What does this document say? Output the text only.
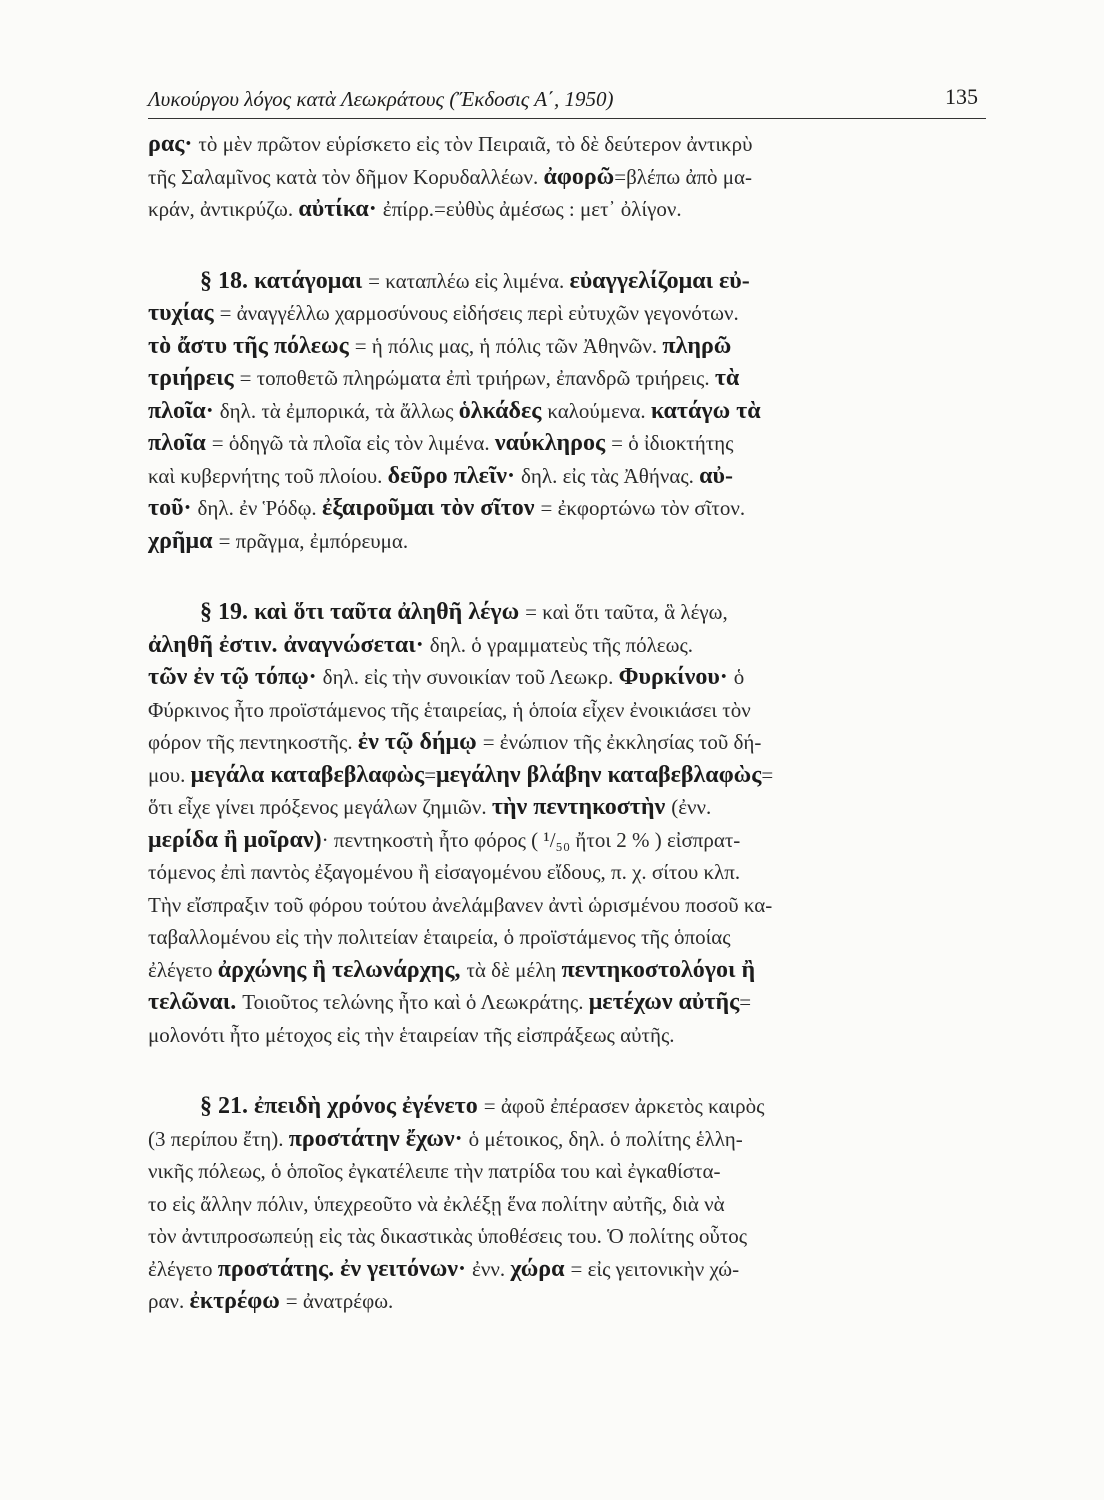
Λυκούργου λόγος κατὰ Λεωκράτους (Ἔκδοσις Α΄, 1950)	135
ρας· τὸ μὲν πρῶτον εὑρίσκετο εἰς τὸν Πειραιᾶ, τὸ δὲ δεύτερον ἀντικρὺ
τῆς Σαλαμῖνος κατὰ τὸν δῆμον Κορυδαλλέων. ἀφορῶ=βλέπω ἀπὸ μα-
κράν, ἀντικρύζω. αὐτίκα· ἐπίρρ.=εὐθὺς ἀμέσως : μετ᾽ ὀλίγον.
§ 18. κατάγομαι = καταπλέω εἰς λιμένα. εὐαγγελίζομαι εὐ-
τυχίας = ἀναγγέλλω χαρμοσύνους εἰδήσεις περὶ εὐτυχῶν γεγονότων.
τὸ ἄστυ τῆς πόλεως = ἡ πόλις μας, ἡ πόλις τῶν Ἀθηνῶν. πληρῶ
τριήρεις = τοποθετῶ πληρώματα ἐπὶ τριήρων, ἐπανδρῶ τριήρεις. τὰ
πλοῖα· δηλ. τὰ ἐμπορικά, τὰ ἄλλως ὁλκάδες καλούμενα. κατάγω τὰ
πλοῖα = ὁδηγῶ τὰ πλοῖα εἰς τὸν λιμένα. ναύκληρος = ὁ ἰδιοκτήτης
καὶ κυβερνήτης τοῦ πλοίου. δεῦρο πλεῖν· δηλ. εἰς τὰς Ἀθήνας. αὐ-
τοῦ· δηλ. ἐν Ῥόδῳ. ἐξαιροῦμαι τὸν σῖτον = ἐκφορτώνω τὸν σῖτον.
χρῆμα = πρᾶγμα, ἐμπόρευμα.
§ 19. καὶ ὅτι ταῦτα ἀληθῆ λέγω = καὶ ὅτι ταῦτα, ἃ λέγω,
ἀληθῆ ἐστιν. ἀναγνώσεται· δηλ. ὁ γραμματεὺς τῆς πόλεως.
τῶν ἐν τῷ τόπῳ· δηλ. εἰς τὴν συνοικίαν τοῦ Λεωκρ. Φυρκίνου· ὁ
Φύρκινος ἦτο προϊστάμενος τῆς ἑταιρείας, ἡ ὁποία εἶχεν ἐνοικιάσει τὸν
φόρον τῆς πεντηκοστῆς. ἐν τῷ δήμῳ = ἐνώπιον τῆς ἐκκλησίας τοῦ δή-
μου. μεγάλα καταβεβλαφὼς=μεγάλην βλάβην καταβεβλαφὼς=
ὅτι εἶχε γίνει πρόξενος μεγάλων ζημιῶν. τὴν πεντηκοστὴν (ἐνν.
μερίδα ἢ μοῖραν)· πεντηκοστὴ ἦτο φόρος ( ¹/₅₀ ἤτοι 2 % ) εἰσπρατ-
τόμενος ἐπὶ παντὸς ἐξαγομένου ἢ εἰσαγομένου εἴδους, π. χ. σίτου κλπ.
Τὴν εἴσπραξιν τοῦ φόρου τούτου ἀνελάμβανεν ἀντὶ ὡρισμένου ποσοῦ κα-
ταβαλλομένου εἰς τὴν πολιτείαν ἑταιρεία, ὁ προϊστάμενος τῆς ὁποίας
ἐλέγετο ἀρχώνης ἢ τελωνάρχης, τὰ δὲ μέλη πεντηκοστολόγοι ἢ
τελῶναι. Τοιοῦτος τελώνης ἦτο καὶ ὁ Λεωκράτης. μετέχων αὐτῆς=
μολονότι ἦτο μέτοχος εἰς τὴν ἑταιρείαν τῆς εἰσπράξεως αὐτῆς.
§ 21. ἐπειδὴ χρόνος ἐγένετο = ἀφοῦ ἐπέρασεν ἀρκετὸς καιρὸς
(3 περίπου ἔτη). προστάτην ἔχων· ὁ μέτοικος, δηλ. ὁ πολίτης ἑλλη-
νικῆς πόλεως, ὁ ὁποῖος ἐγκατέλειπε τὴν πατρίδα του καὶ ἐγκαθίστα-
το εἰς ἄλλην πόλιν, ὑπεχρεοῦτο νὰ ἐκλέξῃ ἕνα πολίτην αὐτῆς, διὰ νὰ
τὸν ἀντιπροσωπεύῃ εἰς τὰς δικαστικὰς ὑποθέσεις του. Ὁ πολίτης οὗτος
ἐλέγετο προστάτης. ἐν γειτόνων· ἐνν. χώρα = εἰς γειτονικὴν χώ-
ραν. ἐκτρέφω = ἀνατρέφω.
